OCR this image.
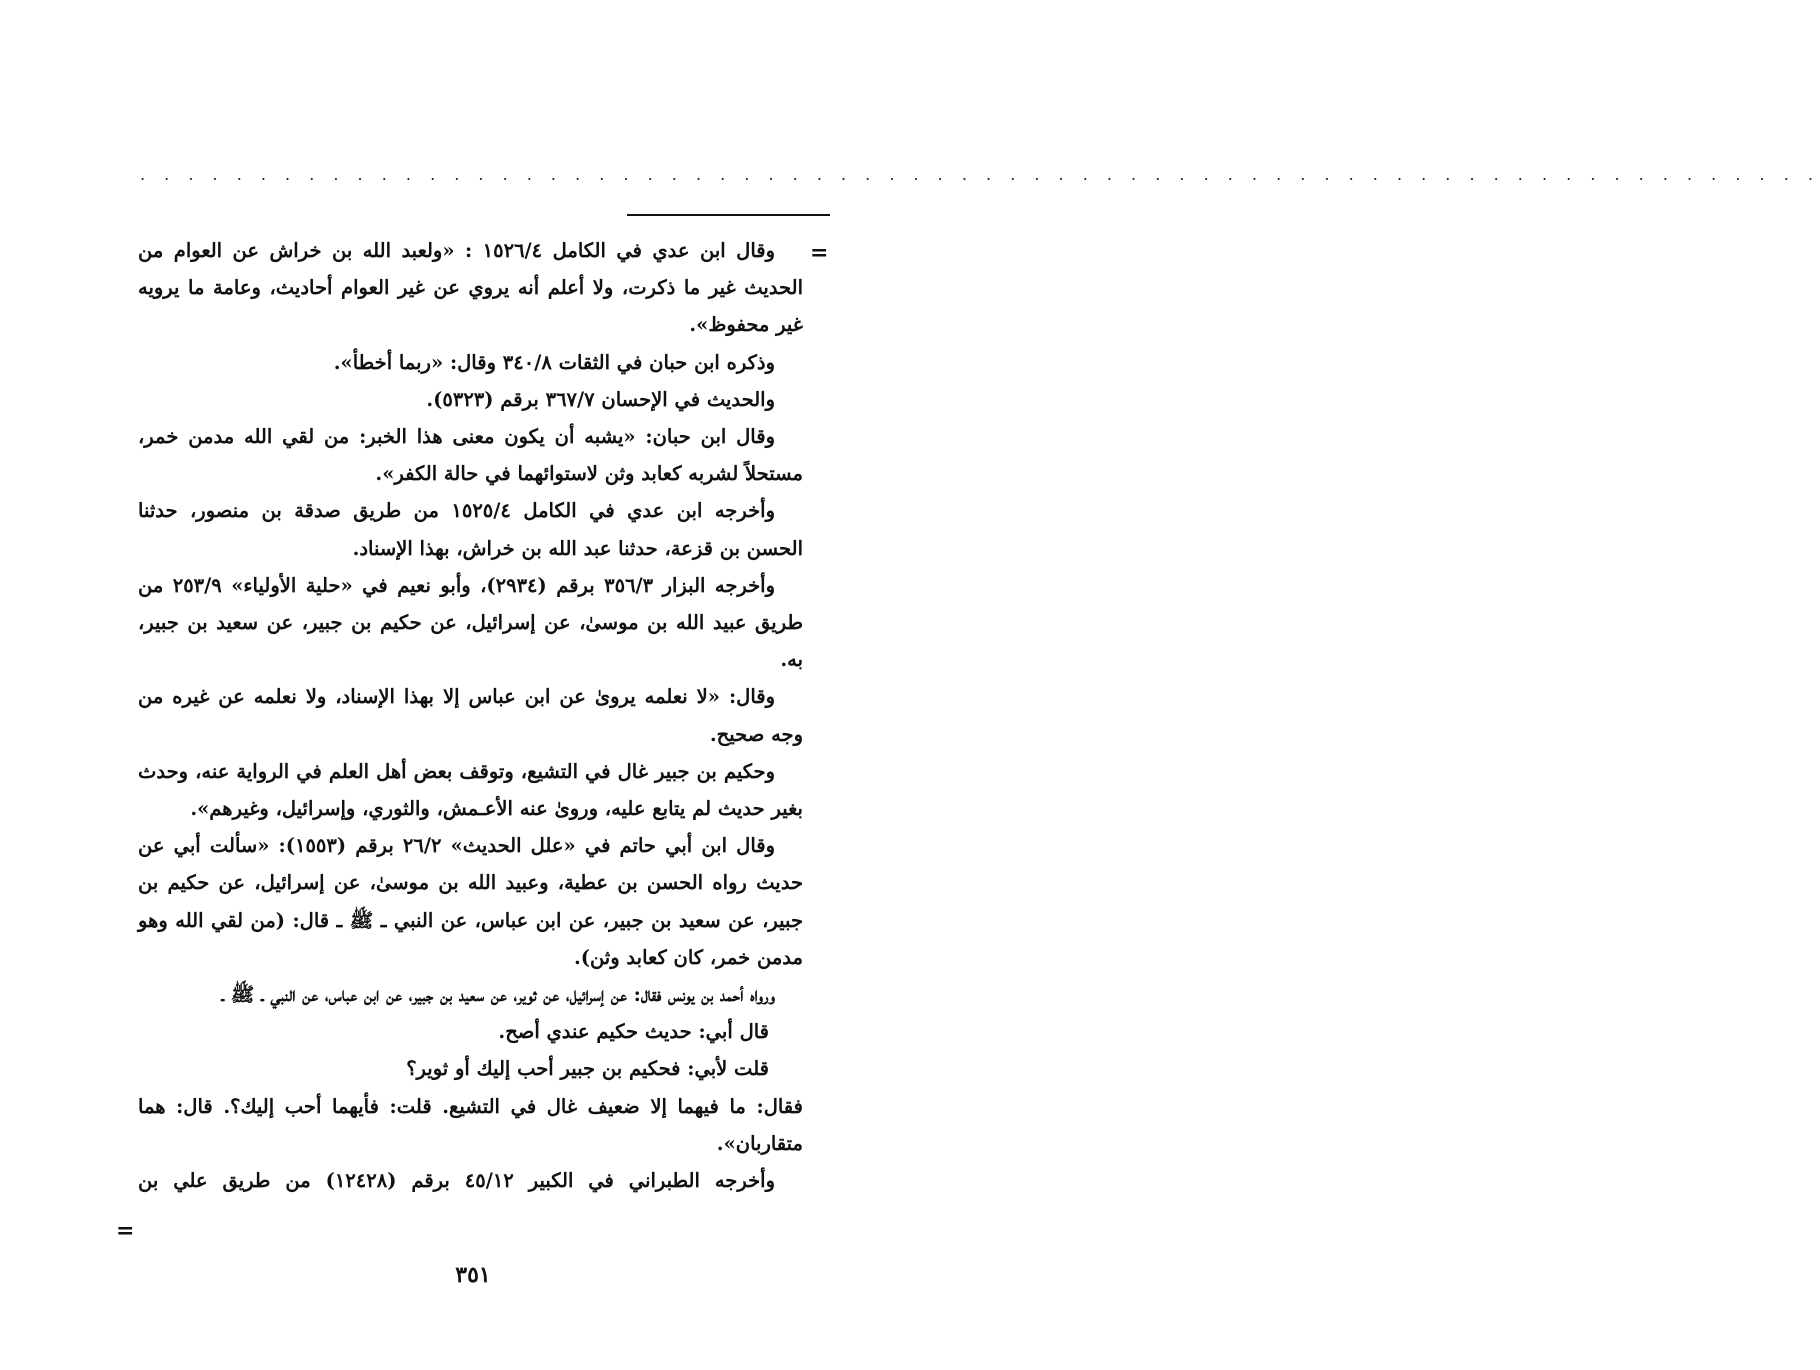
. . . . . . . . . . . . . . . . . . . . . . . . . . . . . . . . . . . . . . . . . . . . . . . . . . . . . . . . . . . . . . . . . . . . . .
=

وقال ابن عدي في الكامل ١٥٢٦/٤ : «ولعبد الله بن خراش عن العوام من الحديث غير ما ذكرت، ولا أعلم أنه يروي عن غير العوام أحاديث، وعامة ما يرويه غير محفوظ».

وذكره ابن حبان في الثقات ٣٤٠/٨ وقال: «ربما أخطأ».

والحديث في الإحسان ٣٦٧/٧ برقم (٥٣٢٣).

وقال ابن حبان: «يشبه أن يكون معنى هذا الخبر: من لقي الله مدمن خمر، مستحلاً لشربه كعابد وثن لاستوائهما في حالة الكفر».

وأخرجه ابن عدي في الكامل ١٥٢٥/٤ من طريق صدقة بن منصور، حدثنا الحسن بن قزعة، حدثنا عبد الله بن خراش، بهذا الإسناد.

وأخرجه البزار ٣٥٦/٣ برقم (٢٩٣٤)، وأبو نعيم في «حلية الأولياء» ٢٥٣/٩ من طريق عبيد الله بن موسىٰ، عن إسرائيل، عن حكيم بن جبير، عن سعيد بن جبير، به.

وقال: «لا نعلمه يروىٰ عن ابن عباس إلا بهذا الإسناد، ولا نعلمه عن غيره من وجه صحيح.

وحكيم بن جبير غال في التشيع، وتوقف بعض أهل العلم في الرواية عنه، وحدث بغير حديث لم يتابع عليه، وروىٰ عنه الأعـمش، والثوري، وإسرائيل، وغيرهم».

وقال ابن أبي حاتم في «علل الحديث» ٢٦/٢ برقم (١٥٥٣): «سألت أبي عن حديث رواه الحسن بن عطية، وعبيد الله بن موسىٰ، عن إسرائيل، عن حكيم بن جبير، عن سعيد بن جبير، عن ابن عباس، عن النبي ـ ﷺ ـ قال: (من لقي الله وهو مدمن خمر، كان كعابد وثن).

ورواه أحمد بن يونس فقال: عن إسرائيل، عن ثوير، عن سعيد بن جبير، عن ابن عباس، عن النبي ـ ﷺ ـ

قال أبي: حديث حكيم عندي أصح.

قلت لأبي: فحكيم بن جبير أحب إليك أو ثوير؟

فقال: ما فيهما إلا ضعيف غال في التشيع. قلت: فأيهما أحب إليك؟. قال: هما متقاربان».

وأخرجه الطبراني في الكبير ٤٥/١٢ برقم (١٢٤٢٨) من طريق علي بن

=
٣٥١
